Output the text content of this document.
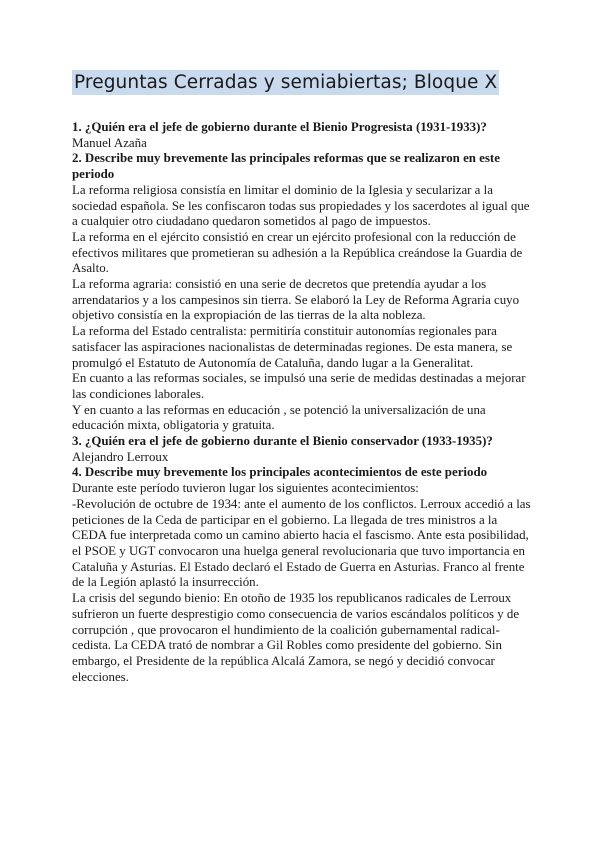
Preguntas Cerradas y semiabiertas; Bloque X

1. ¿Quién era el jefe de gobierno durante el Bienio Progresista (1931-1933)?

Manuel Azaña

2. Describe muy brevemente las principales reformas que se realizaron en este periodo

La reforma religiosa consistía en limitar el dominio de la Iglesia y secularizar a la sociedad española. Se les confiscaron todas sus propiedades y los sacerdotes al igual que a cualquier otro ciudadano quedaron sometidos al pago de impuestos.

La reforma en el ejército consistió en crear un ejército profesional con la reducción de efectivos militares que prometieran su adhesión a la República creándose la Guardia de Asalto.

La reforma agraria: consistió en una serie de decretos que pretendía ayudar a los arrendatarios y a los campesinos sin tierra. Se elaboró la Ley de Reforma Agraria cuyo objetivo consistía en la expropiación de las tierras de la alta nobleza.

La reforma del Estado centralista: permitiría constituir autonomías regionales para satisfacer las aspiraciones nacionalistas de determinadas regiones. De esta manera, se promulgó el Estatuto de Autonomía de Cataluña, dando lugar a la Generalitat.

En cuanto a las reformas sociales, se impulsó una serie de medidas destinadas a mejorar las condiciones laborales.

Y en cuanto a las reformas en educación , se potenció la universalización de una educación mixta, obligatoria y gratuita.

3. ¿Quién era el jefe de gobierno durante el Bienio conservador (1933-1935)?

Alejandro Lerroux

4. Describe muy brevemente los principales acontecimientos de este periodo

Durante este período tuvieron lugar los siguientes acontecimientos:

-Revolución de octubre de 1934: ante el aumento de los conflictos. Lerroux accedió a las peticiones de la Ceda de participar en el gobierno. La llegada de tres ministros a la CEDA fue interpretada como un camino abierto hacia el fascismo. Ante esta posibilidad, el PSOE y UGT convocaron una huelga general revolucionaria que tuvo importancia en Cataluña y Asturias. El Estado declaró el Estado de Guerra en Asturias. Franco al frente de la Legión aplastó la insurrección.

La crisis del segundo bienio: En otoño de 1935 los republicanos radicales de Lerroux sufrieron un fuerte desprestigio como consecuencia de varios escándalos políticos y de corrupción , que provocaron el hundimiento de la coalición gubernamental radical-cedista. La CEDA trató de nombrar a Gil Robles como presidente del gobierno. Sin embargo, el Presidente de la república Alcalá Zamora, se negó y decidió convocar elecciones.
